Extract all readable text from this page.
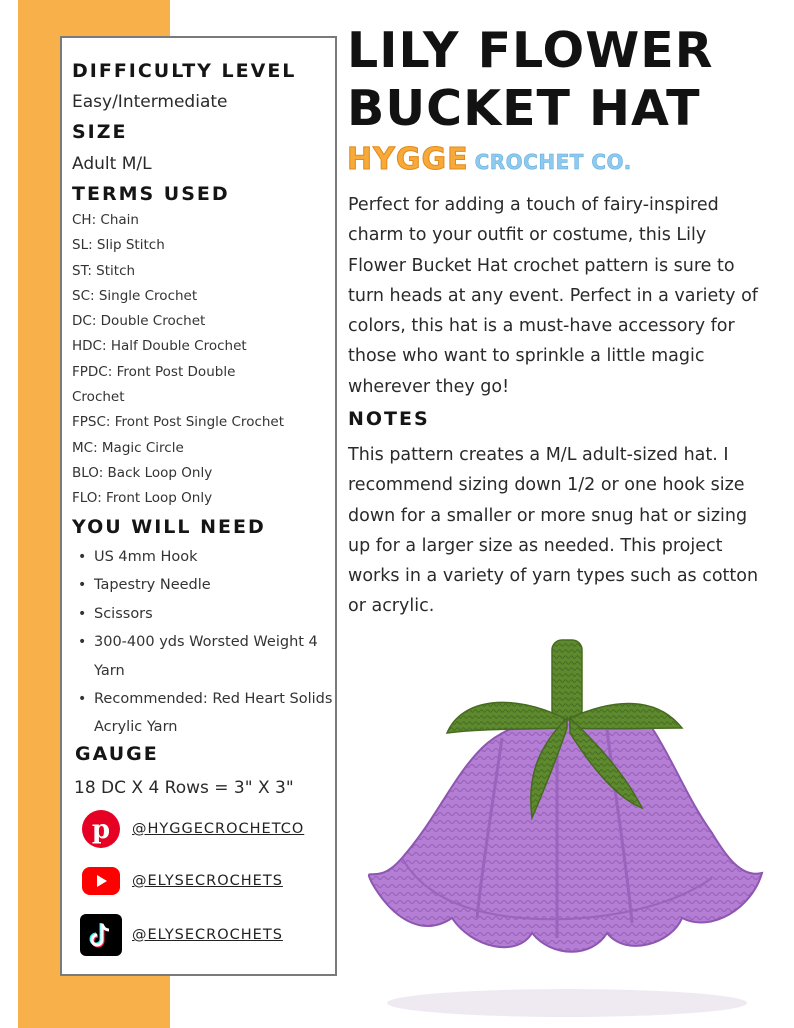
DIFFICULTY LEVEL
Easy/Intermediate
SIZE
Adult M/L
TERMS USED
CH: Chain
SL: Slip Stitch
ST: Stitch
SC: Single Crochet
DC: Double Crochet
HDC: Half Double Crochet
FPDC: Front Post Double
Crochet
FPSC: Front Post Single Crochet
MC: Magic Circle
BLO: Back Loop Only
FLO: Front Loop Only
YOU WILL NEED
• US 4mm Hook
• Tapestry Needle
• Scissors
• 300-400 yds Worsted Weight 4 Yarn
• Recommended: Red Heart Solids Acrylic Yarn
GAUGE
18 DC X 4 Rows = 3" X 3"
p @HYGGECROCHETCO
@ELYSECROCHETS
@ELYSECROCHETS
LILY FLOWER BUCKET HAT
HYGGE CROCHET CO.

Perfect for adding a touch of fairy-inspired charm to your outfit or costume, this Lily Flower Bucket Hat crochet pattern is sure to turn heads at any event. Perfect in a variety of colors, this hat is a must-have accessory for those who want to sprinkle a little magic wherever they go!

NOTES

This pattern creates a M/L adult-sized hat. I recommend sizing down 1/2 or one hook size down for a smaller or more snug hat or sizing up for a larger size as needed. This project works in a variety of yarn types such as cotton or acrylic.
